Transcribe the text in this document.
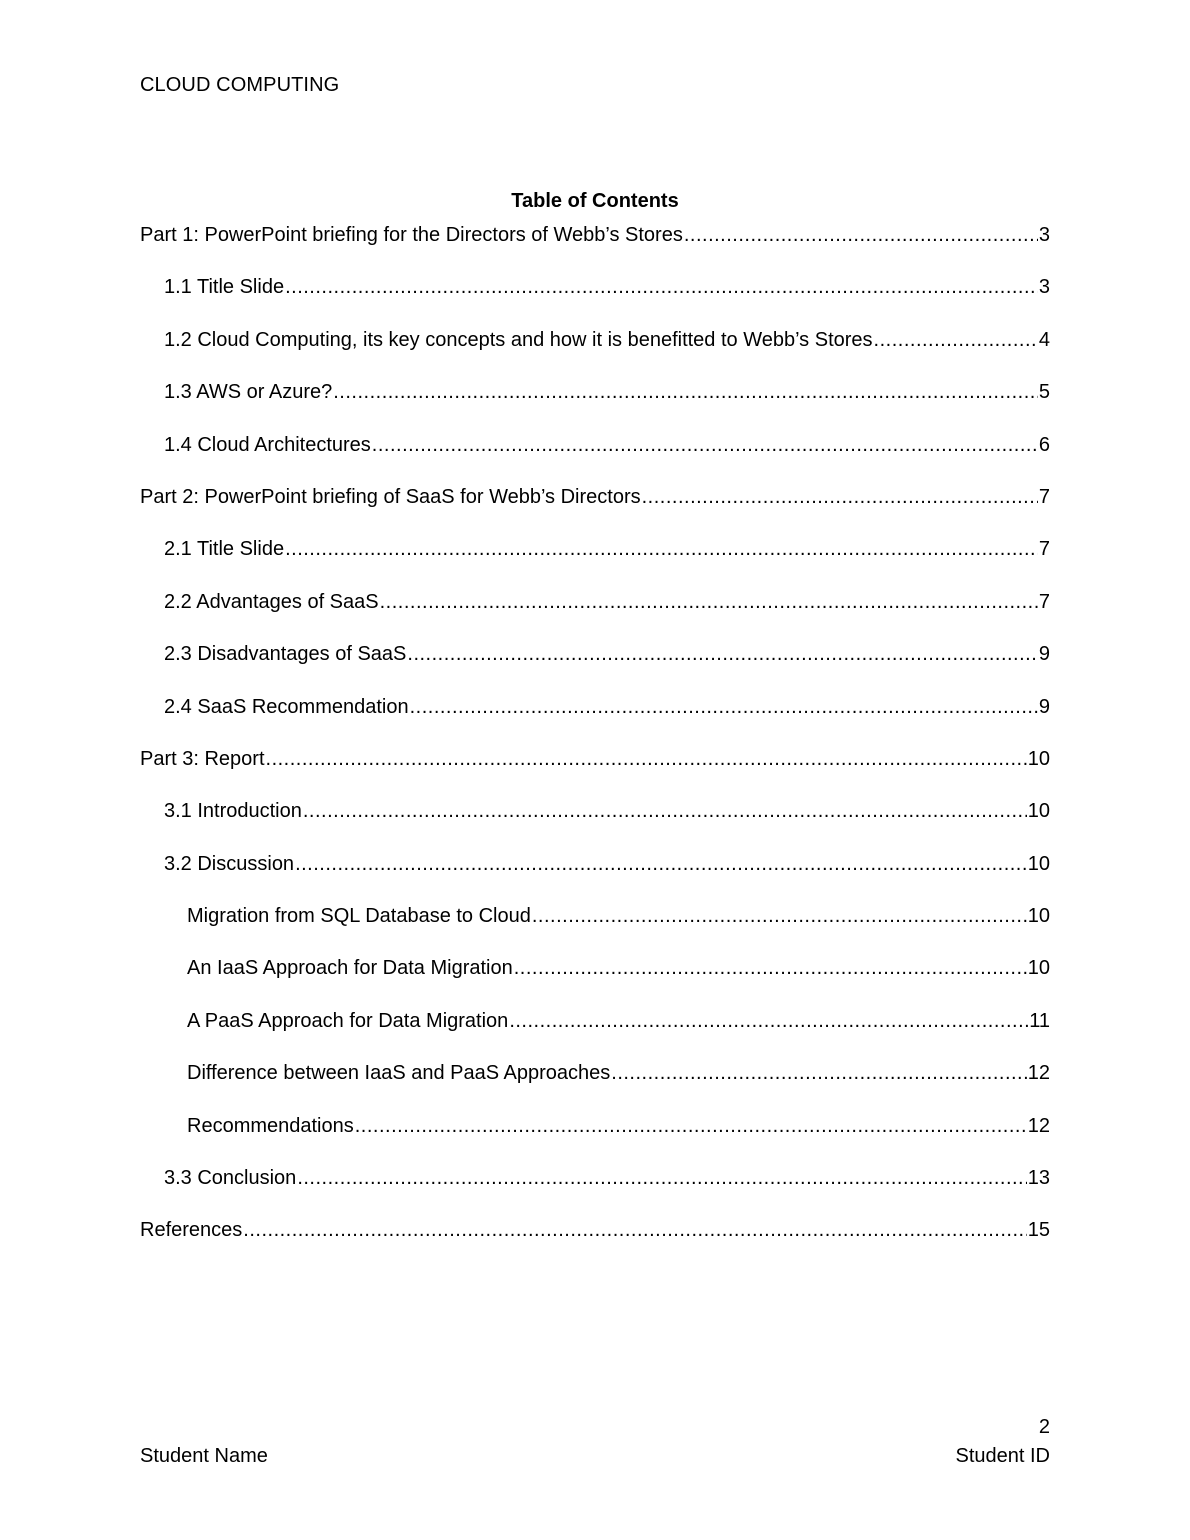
CLOUD COMPUTING
Table of Contents
Part 1: PowerPoint briefing for the Directors of Webb’s Stores .....	3
1.1 Title Slide .....	3
1.2 Cloud Computing, its key concepts and how it is benefitted to Webb’s Stores .....	4
1.3 AWS or Azure? .....	5
1.4 Cloud Architectures .....	6
Part 2: PowerPoint briefing of SaaS for Webb’s Directors .....	7
2.1 Title Slide .....	7
2.2 Advantages of SaaS .....	7
2.3 Disadvantages of SaaS .....	9
2.4 SaaS Recommendation .....	9
Part 3: Report .....	10
3.1 Introduction .....	10
3.2 Discussion .....	10
Migration from SQL Database to Cloud .....	10
An IaaS Approach for Data Migration .....	10
A PaaS Approach for Data Migration .....	11
Difference between IaaS and PaaS Approaches .....	12
Recommendations .....	12
3.3 Conclusion .....	13
References .....	15
2
Student Name	Student ID
